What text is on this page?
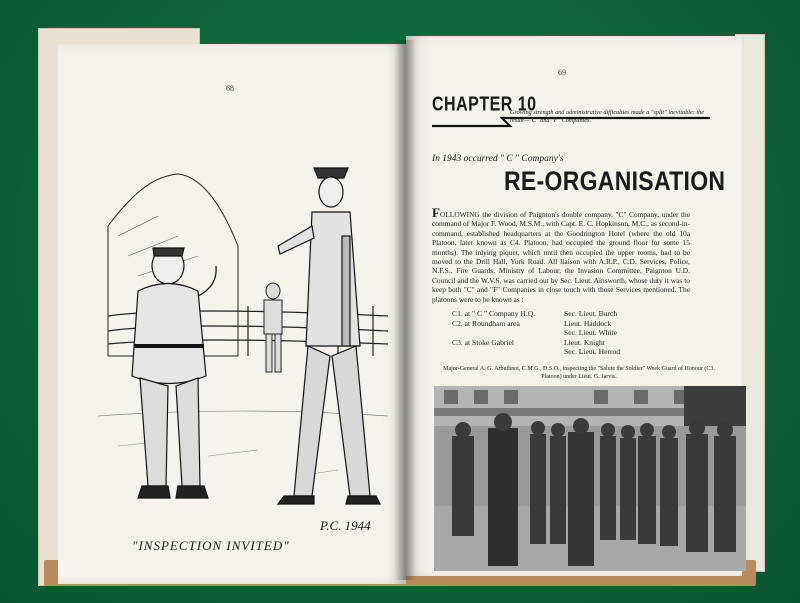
68
"INSPECTION INVITED"
P.C. 1944
69
CHAPTER 10
Growing strength and administrative difficulties made a "split" inevitable: the result—"C" and "F" Companies.
In 1943 occurred " C " Company's
RE-ORGANISATION
FOLLOWING the division of Paignton's double company, "C" Company, under the command of Major F. Wood, M.S.M., with Capt. E. C. Hopkinson, M.C., as second-in-command, established headquarters at the Goodrington Hotel (where the old 10a Platoon, later known as C4. Platoon, had occupied the ground floor for some 15 months). The inlying piquet, which until then occupied the upper rooms, had to be moved to the Drill Hall, York Road. All liaison with A.R.P., C.D. Services, Police, N.F.S., Fire Guards, Ministry of Labour, the Invasion Committee, Paignton U.D. Council and the W.V.S. was carried out by Sec. Lieut. Ainsworth, whose duty it was to keep both "C" and "F" Companies in close touch with those Services mentioned. The platoons were to be known as :
C1. at " C " Company H.Q.	Sec. Lieut. Burch
C2. at Roundham area	Lieut. Haddock
Sec. Lieut. White
C3. at Stoke Gabriel	Lieut. Knight
Sec. Lieut. Herrod
Major-General A. G. Arbuthnot, C.M.G., D.S.O., inspecting the "Salute the Soldier" Week Guard of Honour (C3. Platoon) under Lieut. G. Jarvis.
